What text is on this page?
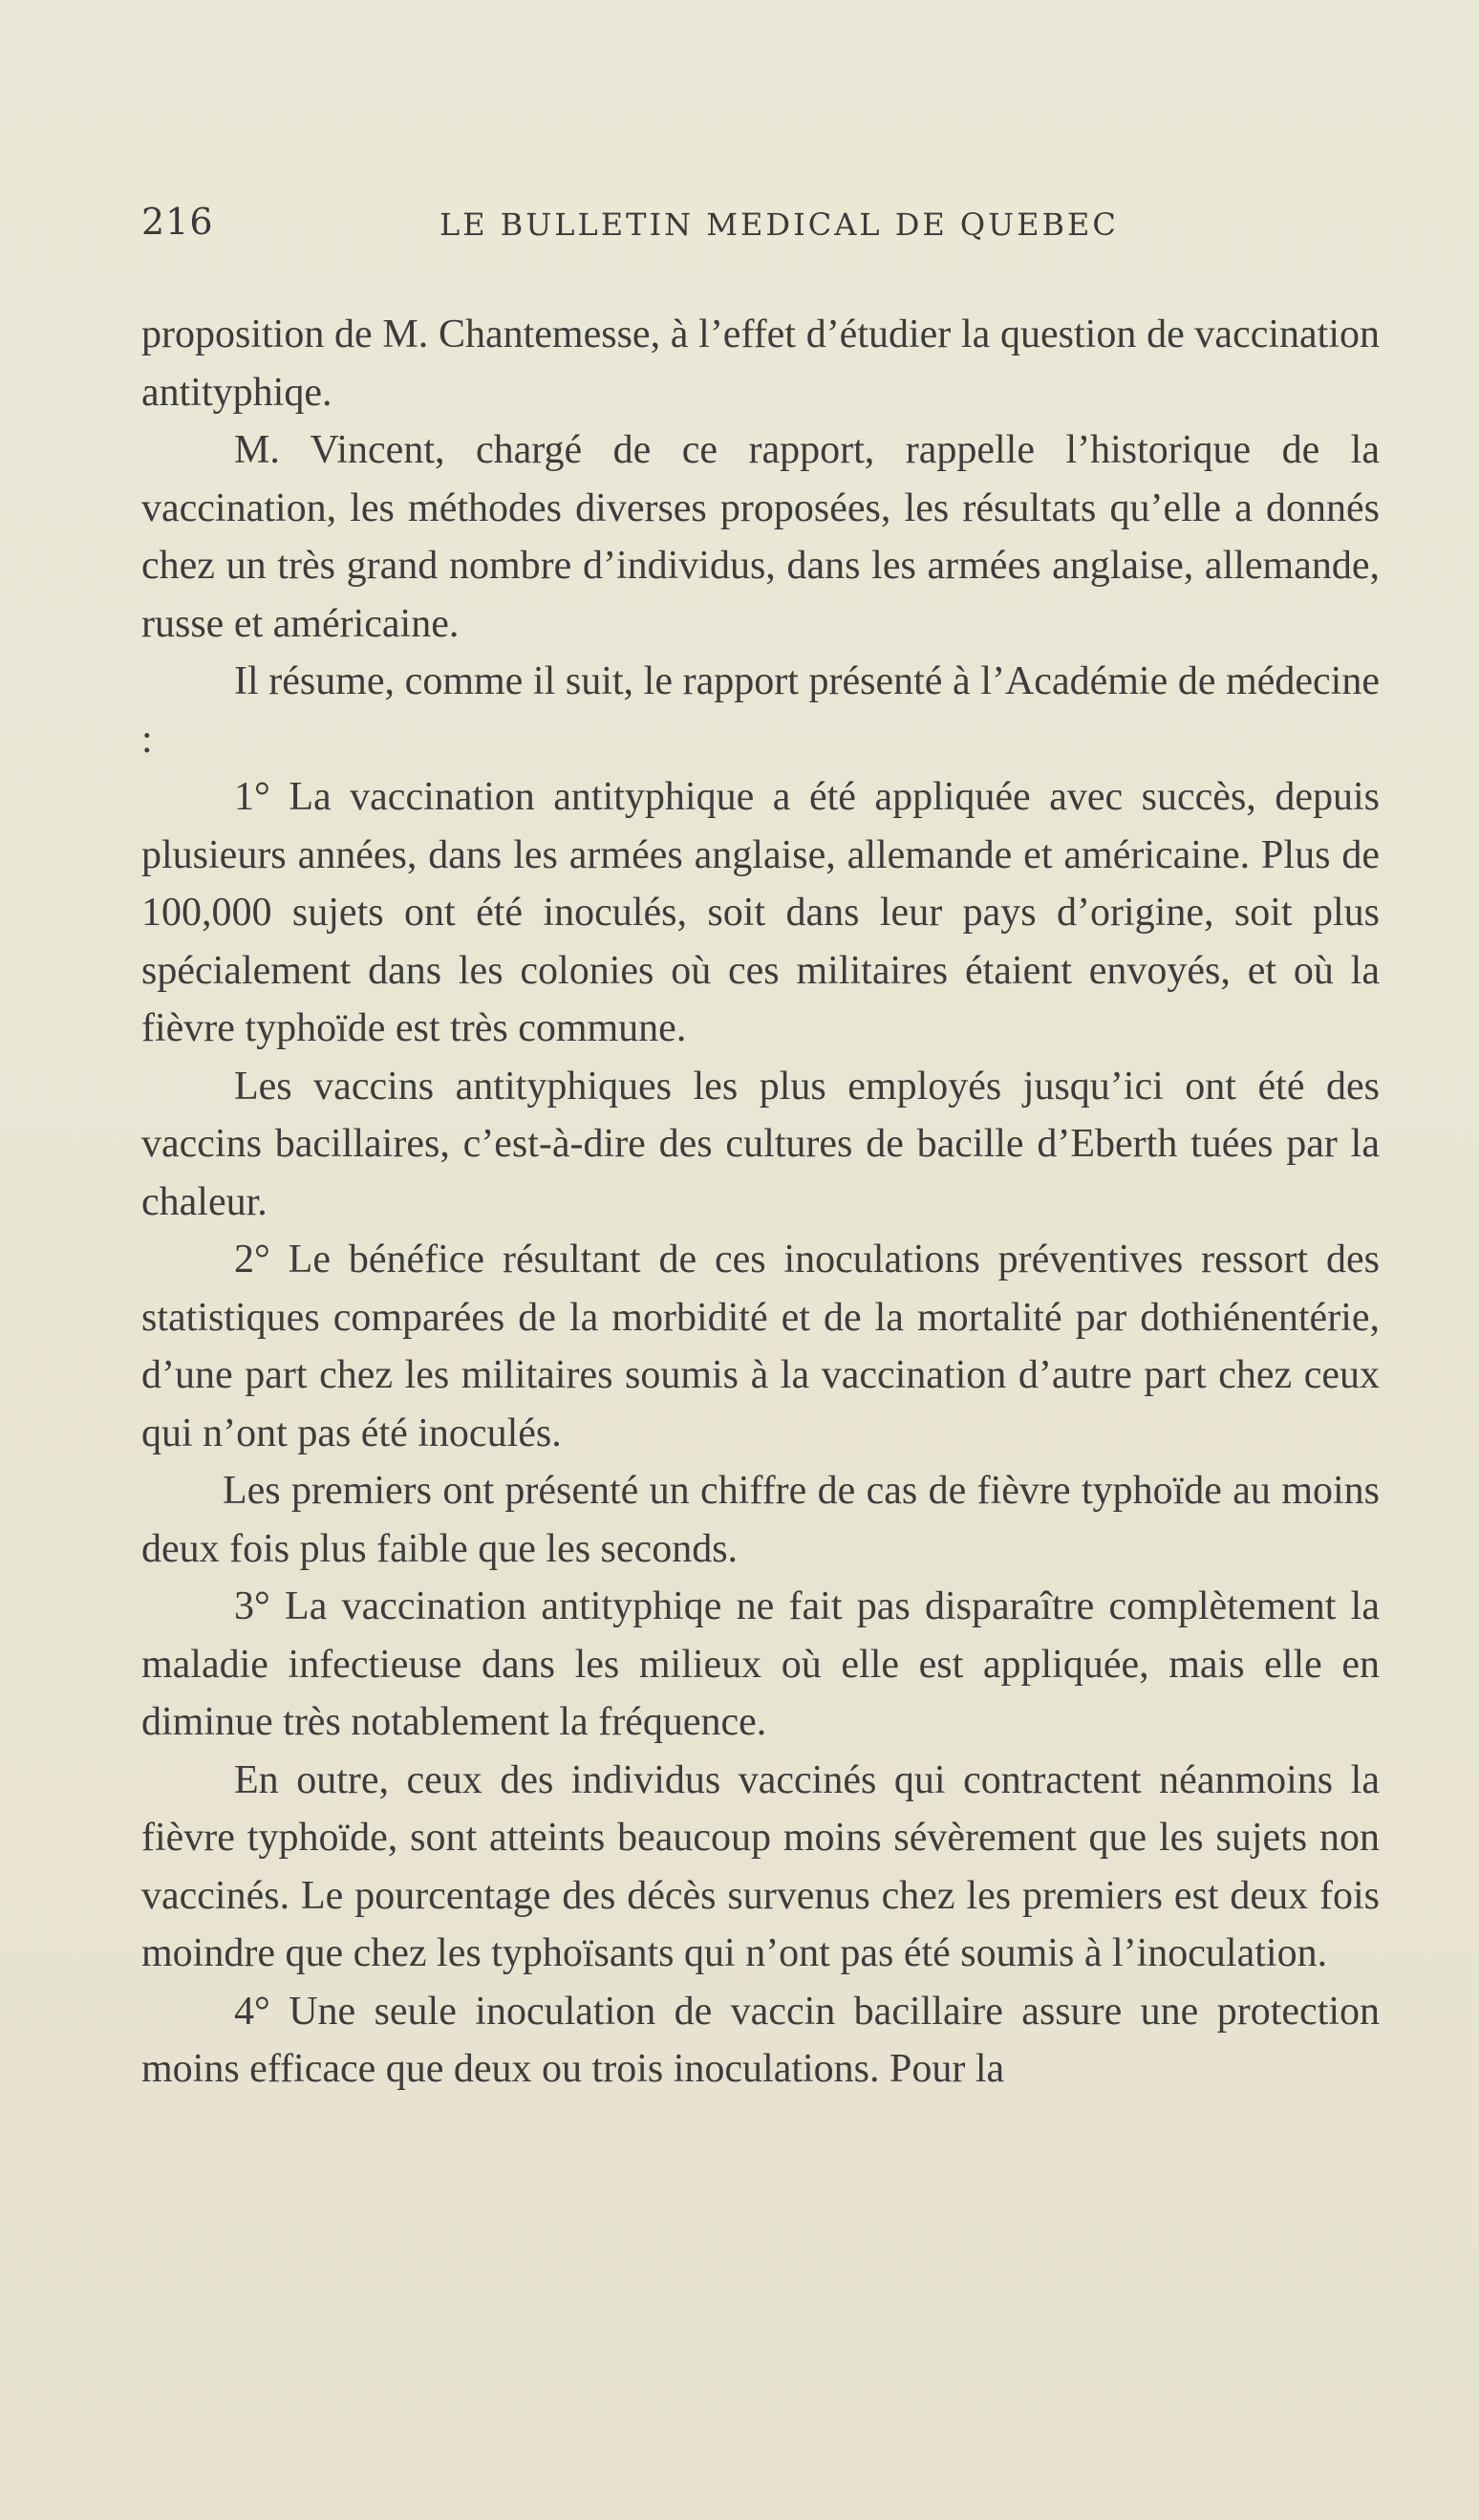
216	LE BULLETIN MEDICAL DE QUEBEC

proposition de M. Chantemesse, à l’effet d’étudier la question de vaccination antityphiqe.

M. Vincent, chargé de ce rapport, rappelle l’historique de la vaccination, les méthodes diverses proposées, les résultats qu’elle a donnés chez un très grand nombre d’individus, dans les armées anglaise, allemande, russe et américaine.

Il résume, comme il suit, le rapport présenté à l’Académie de médecine :

1° La vaccination antityphique a été appliquée avec succès, depuis plusieurs années, dans les armées anglaise, allemande et américaine. Plus de 100,000 sujets ont été inoculés, soit dans leur pays d’origine, soit plus spécialement dans les colonies où ces militaires étaient envoyés, et où la fièvre typhoïde est très commune.

Les vaccins antityphiques les plus employés jusqu’ici ont été des vaccins bacillaires, c’est-à-dire des cultures de bacille d’Eberth tuées par la chaleur.

2° Le bénéfice résultant de ces inoculations préventives ressort des statistiques comparées de la morbidité et de la mortalité par dothiénentérie, d’une part chez les militaires soumis à la vaccination d’autre part chez ceux qui n’ont pas été inoculés.

Les premiers ont présenté un chiffre de cas de fièvre typhoïde au moins deux fois plus faible que les seconds.

3° La vaccination antityphiqe ne fait pas disparaître complètement la maladie infectieuse dans les milieux où elle est appliquée, mais elle en diminue très notablement la fréquence.

En outre, ceux des individus vaccinés qui contractent néanmoins la fièvre typhoïde, sont atteints beaucoup moins sévèrement que les sujets non vaccinés. Le pourcentage des décès survenus chez les premiers est deux fois moindre que chez les typhoïsants qui n’ont pas été soumis à l’inoculation.

4° Une seule inoculation de vaccin bacillaire assure une protection moins efficace que deux ou trois inoculations. Pour la
